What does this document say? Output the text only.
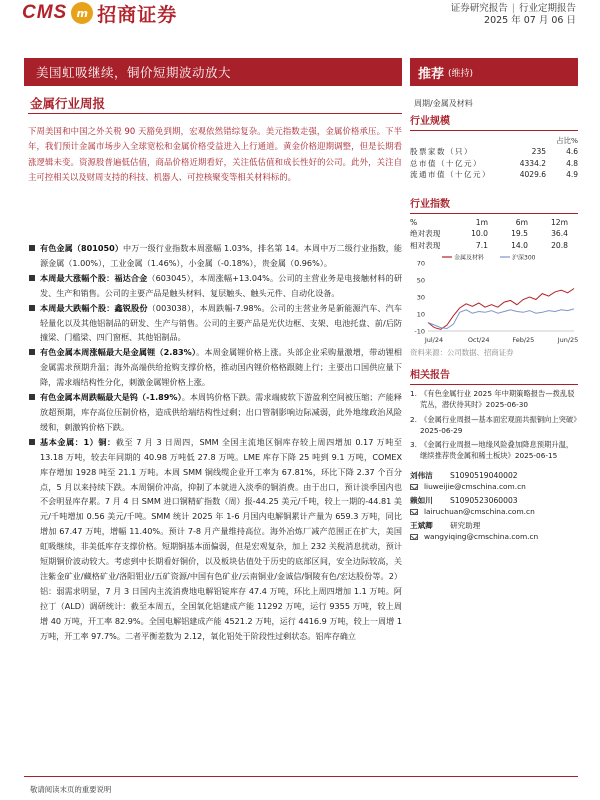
CMS m 招商证券	证券研究报告 | 行业定期报告
2025 年 07 月 06 日
美国虹吸继续，铜价短期波动放大	推荐 (维持)
金属行业周报	周期/金属及材料
下周美国和中国之外关税 90 天豁免到期，宏观依然错综复杂。美元指数走强，金属价格承压。下半年，我们预计金属市场步入全球宽松和金属价格受益进入上行通道。黄金价格迎期调整，但是长期看涨逻辑未变。资源股普遍低估值，商品价格近期看好，关注低估值和成长性好的公司。此外，关注自主可控相关以及财周支持的科技、机器人、可控核聚变等相关材料标的。
有色金属（801050）中万一级行业指数本周涨幅 1.03%，排名第 14。本周中万二级行业指数，能源金属（1.00%），工业金属（1.46%），小金属（-0.18%），贵金属（0.96%）。
本周最大涨幅个股：福达合金（603045），本周涨幅+13.04%。公司的主营业务是电接触材料的研发、生产和销售。公司的主要产品是触头材料、复层触头、触头元件、自动化设备。
本周最大跌幅个股：鑫锐股份（003038），本周跌幅-7.98%。公司的主营业务是新能源汽车、汽车轻量化以及其他铝制品的研发、生产与销售。公司的主要产品是光伏边框、支架、电池托盘、前/后防撞梁、门槛梁、四门窗框、其他铝制品。
有色金属本周涨幅最大是金属锂（2.83%）。本周金属锂价格上涨。头部企业采购量激增，带动锂相金属需求预期升温；海外高端供给抢购支撑价格，推动国内锂价格格跟随上行；主要出口国供应量下降，需求端结构性分化，刺激金属锂价格上涨。
有色金属本周跌幅最大是钨（-1.89%）。本周钨价格下跌。需求端疲软下游盈利空间被压缩；产能释放超预期，库存高位压制价格，造成供给端结构性过剩；出口管制影响边际减弱，此外地缘政治风险缓和，刺激钨价格下跌。
基本金属：1）铜：截至 7 月 3 日周四，SMM 全国主流地区铜库存较上周四增加 0.17 万吨至 13.18 万吨，较去年同期的 40.98 万吨低 27.8 万吨。LME 库存下降 25 吨到 9.1 万吨，COMEX 库存增加 1928 吨至 21.1 万吨。本周 SMM 铜线缆企业开工率为 67.81%，环比下降 2.37 个百分点，5 月以来持续下跌。本周铜价冲高，抑制了本就进入淡季的铜消费。由于出口，预计淡季国内也不会明显库存累。7 月 4 日 SMM 进口铜精矿指数（周）报-44.25 美元/千吨，较上一期的-44.81 美元/千吨增加 0.56 美元/千吨。SMM 统计 2025 年 1-6 月国内电解铜累计产量为 659.3 万吨，同比增加 67.47 万吨，增幅 11.40%。预计 7-8 月产量维持高位。海外冶炼厂减产范围正在扩大，美国虹吸继续，非美低库存支撑价格。短期铜基本面偏弱，但是宏观复杂，加上 232 关税消息扰动，预计短期铜价波动较大。考虑到中长期看好铜价，以及板块估值处于历史的底部区间，安全边际较高，关注紫金矿业/藏格矿业/洛阳钼业/五矿资源/中国有色矿业/云南铜业/金诚信/铜陵有色/宏达股份等。2）铝：弱需求明显，7 月 3 日国内主流消费地电解铝锭库存 47.4 万吨，环比上周四增加 1.1 万吨。阿拉丁（ALD）调研统计：截至本周五，全国氧化铝建成产能 11292 万吨，运行 9355 万吨，较上周增 40 万吨，开工率 82.9%。全国电解铝建成产能 4521.2 万吨，运行 4416.9 万吨，较上一周增 1 万吨，开工率 97.7%。二者平衡差数为 2.12，氧化铝处于阶段性过剩状态。铝库存确立
行业规模
占比%
股票家数（只）	235	4.6
总市值（十亿元）	4334.2	4.8
流通市值（十亿元）	4029.6	4.9
行业指数
%	1m	6m	12m
绝对表现	10.0	19.5	36.4
相对表现	7.1	14.0	20.8
70
50
30
10
-10
Jul/24	Oct/24	Feb/25	Jun/25
金属及材料	沪深300
资料来源：公司数据、招商证券
相关报告
1. 《有色金属行业 2025 年中期策略报告—拨乱驳荒丛，潜伏待其时》2025-06-30
2. 《金属行业周报—基本面宏观面共振铜向上突破》2025-06-29
3. 《金属行业周报—地缘风险叠加降息预期升温，继续推荐贵金属和稀土板块》2025-06-15
刘伟洁	S1090519040002
liuweijie@cmschina.com.cn
赖如川	S1090523060003
lairuchuan@cmschina.com.cn
王斌卿	研究助理
wangyiqing@cmschina.com.cn
敬请阅读末页的重要说明
